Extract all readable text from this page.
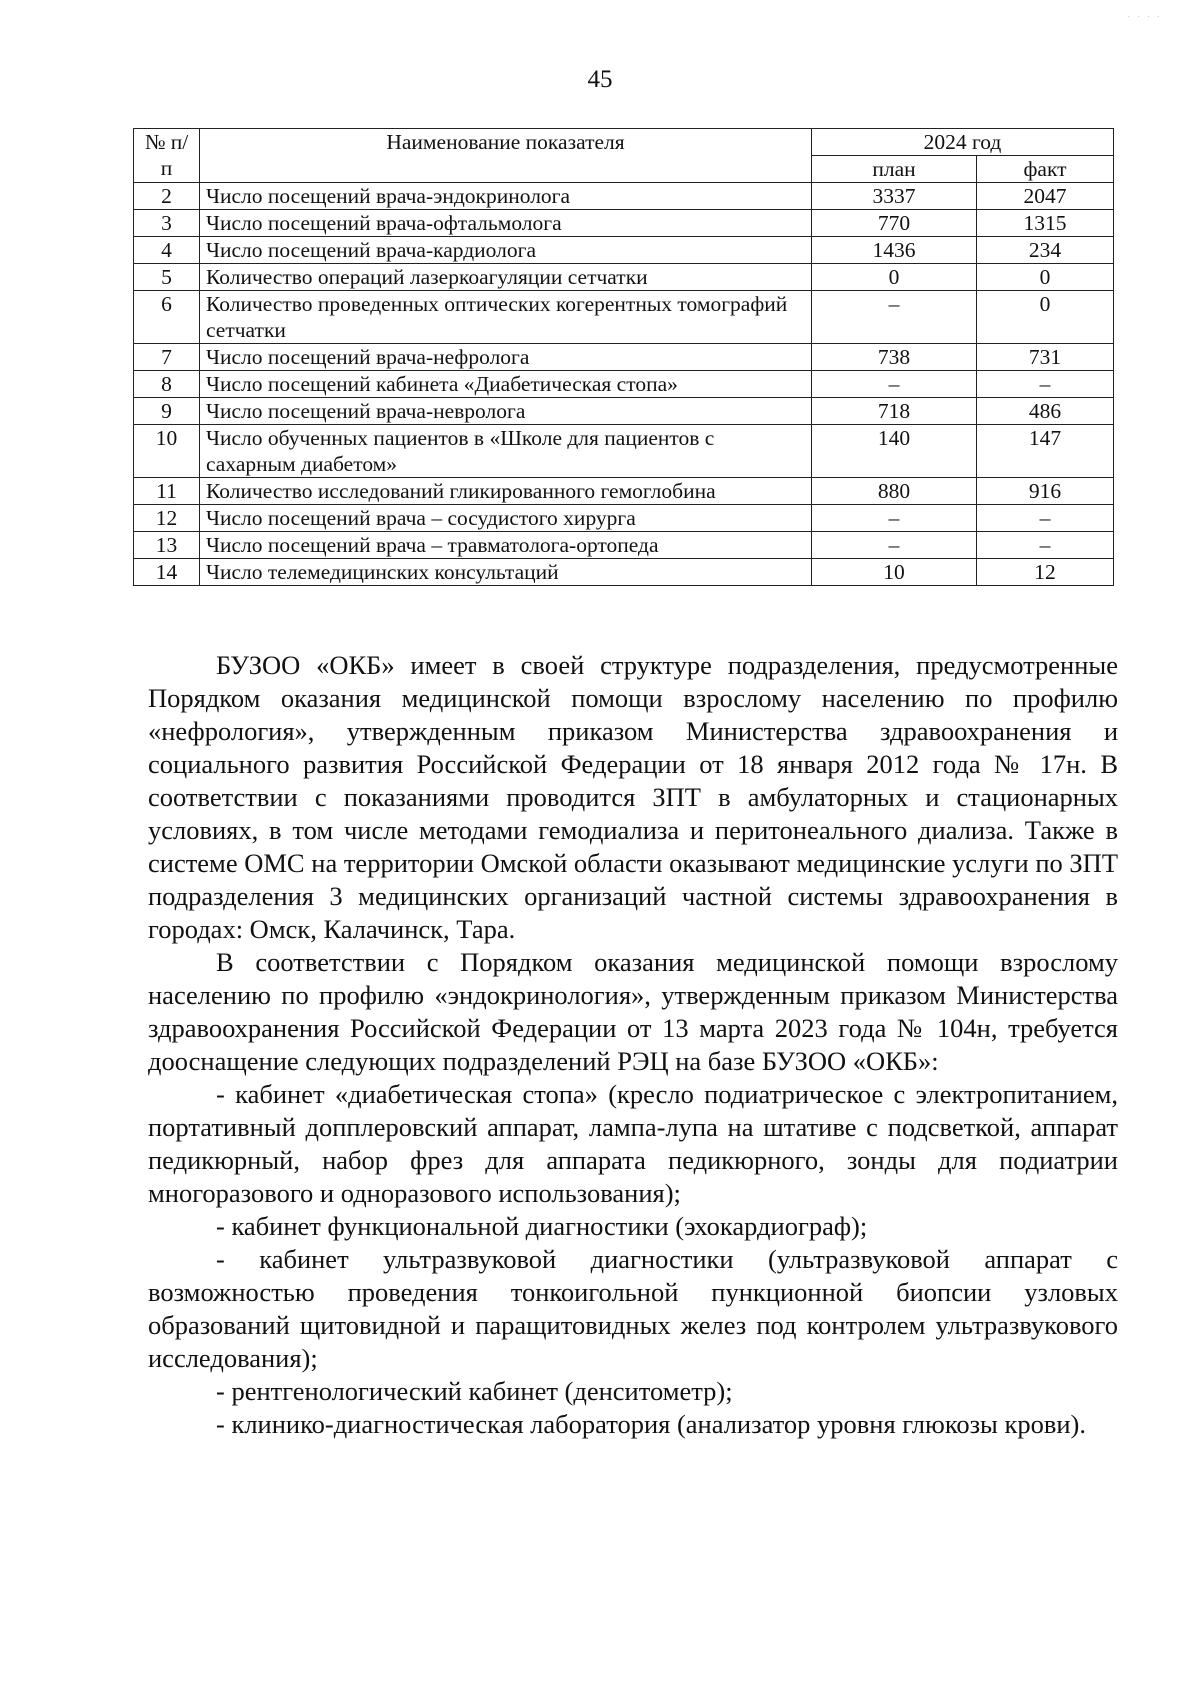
· · · ·
45
№ п/п	Наименование показателя	2024 год	
		план	факт
2	Число посещений врача-эндокринолога	3337	2047
3	Число посещений врача-офтальмолога	770	1315
4	Число посещений врача-кардиолога	1436	234
5	Количество операций лазеркоагуляции сетчатки	0	0
6	Количество проведенных оптических когерентных томографий сетчатки	–	0
7	Число посещений врача-нефролога	738	731
8	Число посещений кабинета «Диабетическая стопа»	–	–
9	Число посещений врача-невролога	718	486
10	Число обученных пациентов в «Школе для пациентов с сахарным диабетом»	140	147
11	Количество исследований гликированного гемоглобина	880	916
12	Число посещений врача – сосудистого хирурга	–	–
13	Число посещений врача – травматолога-ортопеда	–	–
14	Число телемедицинских консультаций	10	12

БУЗОО «ОКБ» имеет в своей структуре подразделения, предусмотренные Порядком оказания медицинской помощи взрослому населению по профилю «нефрология», утвержденным приказом Министерства здравоохранения и социального развития Российской Федерации от 18 января 2012 года № 17н. В соответствии с показаниями проводится ЗПТ в амбулаторных и стационарных условиях, в том числе методами гемодиализа и перитонеального диализа. Также в системе ОМС на территории Омской области оказывают медицинские услуги по ЗПТ подразделения 3 медицинских организаций частной системы здравоохранения в городах: Омск, Калачинск, Тара.

В соответствии с Порядком оказания медицинской помощи взрослому населению по профилю «эндокринология», утвержденным приказом Министерства здравоохранения Российской Федерации от 13 марта 2023 года № 104н, требуется дооснащение следующих подразделений РЭЦ на базе БУЗОО «ОКБ»:

- кабинет «диабетическая стопа» (кресло подиатрическое с электропитанием, портативный допплеровский аппарат, лампа-лупа на штативе с подсветкой, аппарат педикюрный, набор фрез для аппарата педикюрного, зонды для подиатрии многоразового и одноразового использования);

- кабинет функциональной диагностики (эхокардиограф);

- кабинет ультразвуковой диагностики (ультразвуковой аппарат с возможностью проведения тонкоигольной пункционной биопсии узловых образований щитовидной и паращитовидных желез под контролем ультразвукового исследования);

- рентгенологический кабинет (денситометр);

- клинико-диагностическая лаборатория (анализатор уровня глюкозы крови).
